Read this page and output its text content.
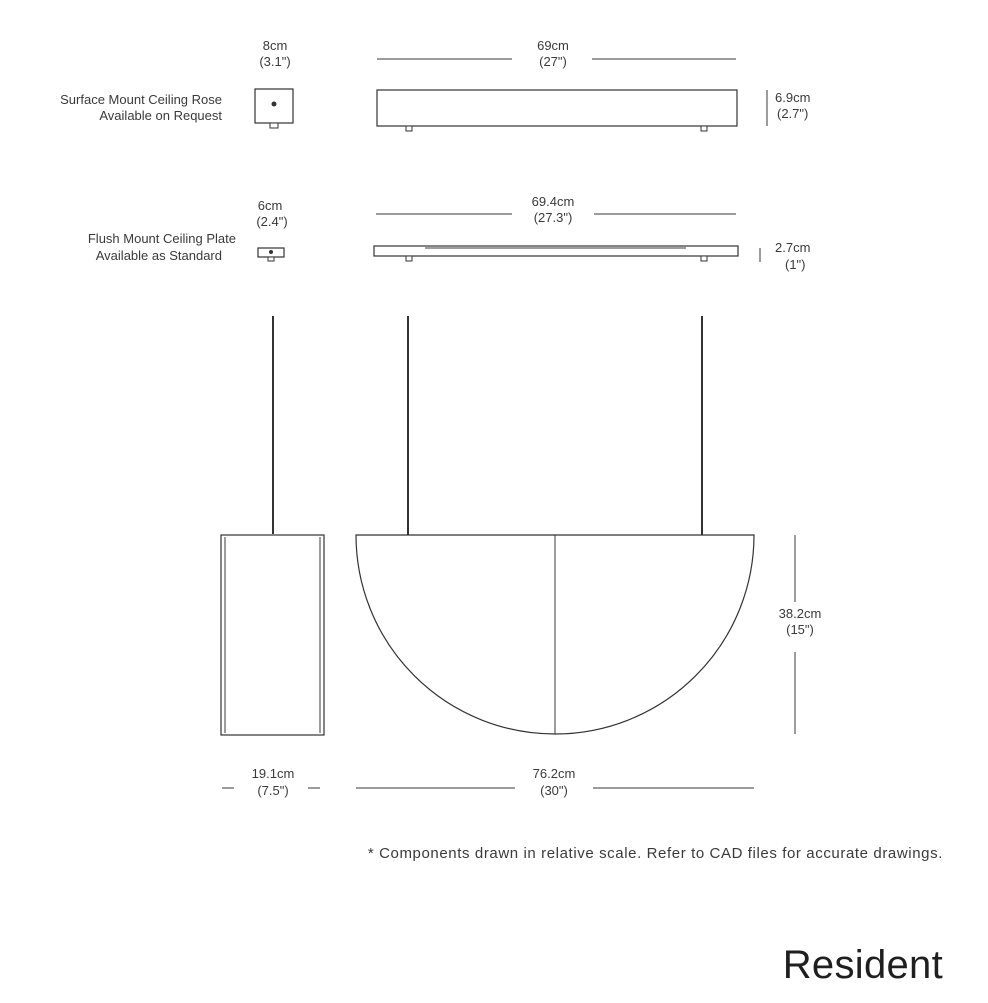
8cm
(3.1")
Surface Mount Ceiling Rose
Available on Request
69cm
(27")
6.9cm
(2.7")
6cm
(2.4")
Flush Mount Ceiling Plate
Available as Standard
69.4cm
(27.3")
2.7cm
(1")
38.2cm
(15")
19.1cm
(7.5")
76.2cm
(30")
* Components drawn in relative scale. Refer to CAD files for accurate drawings.
Resident
